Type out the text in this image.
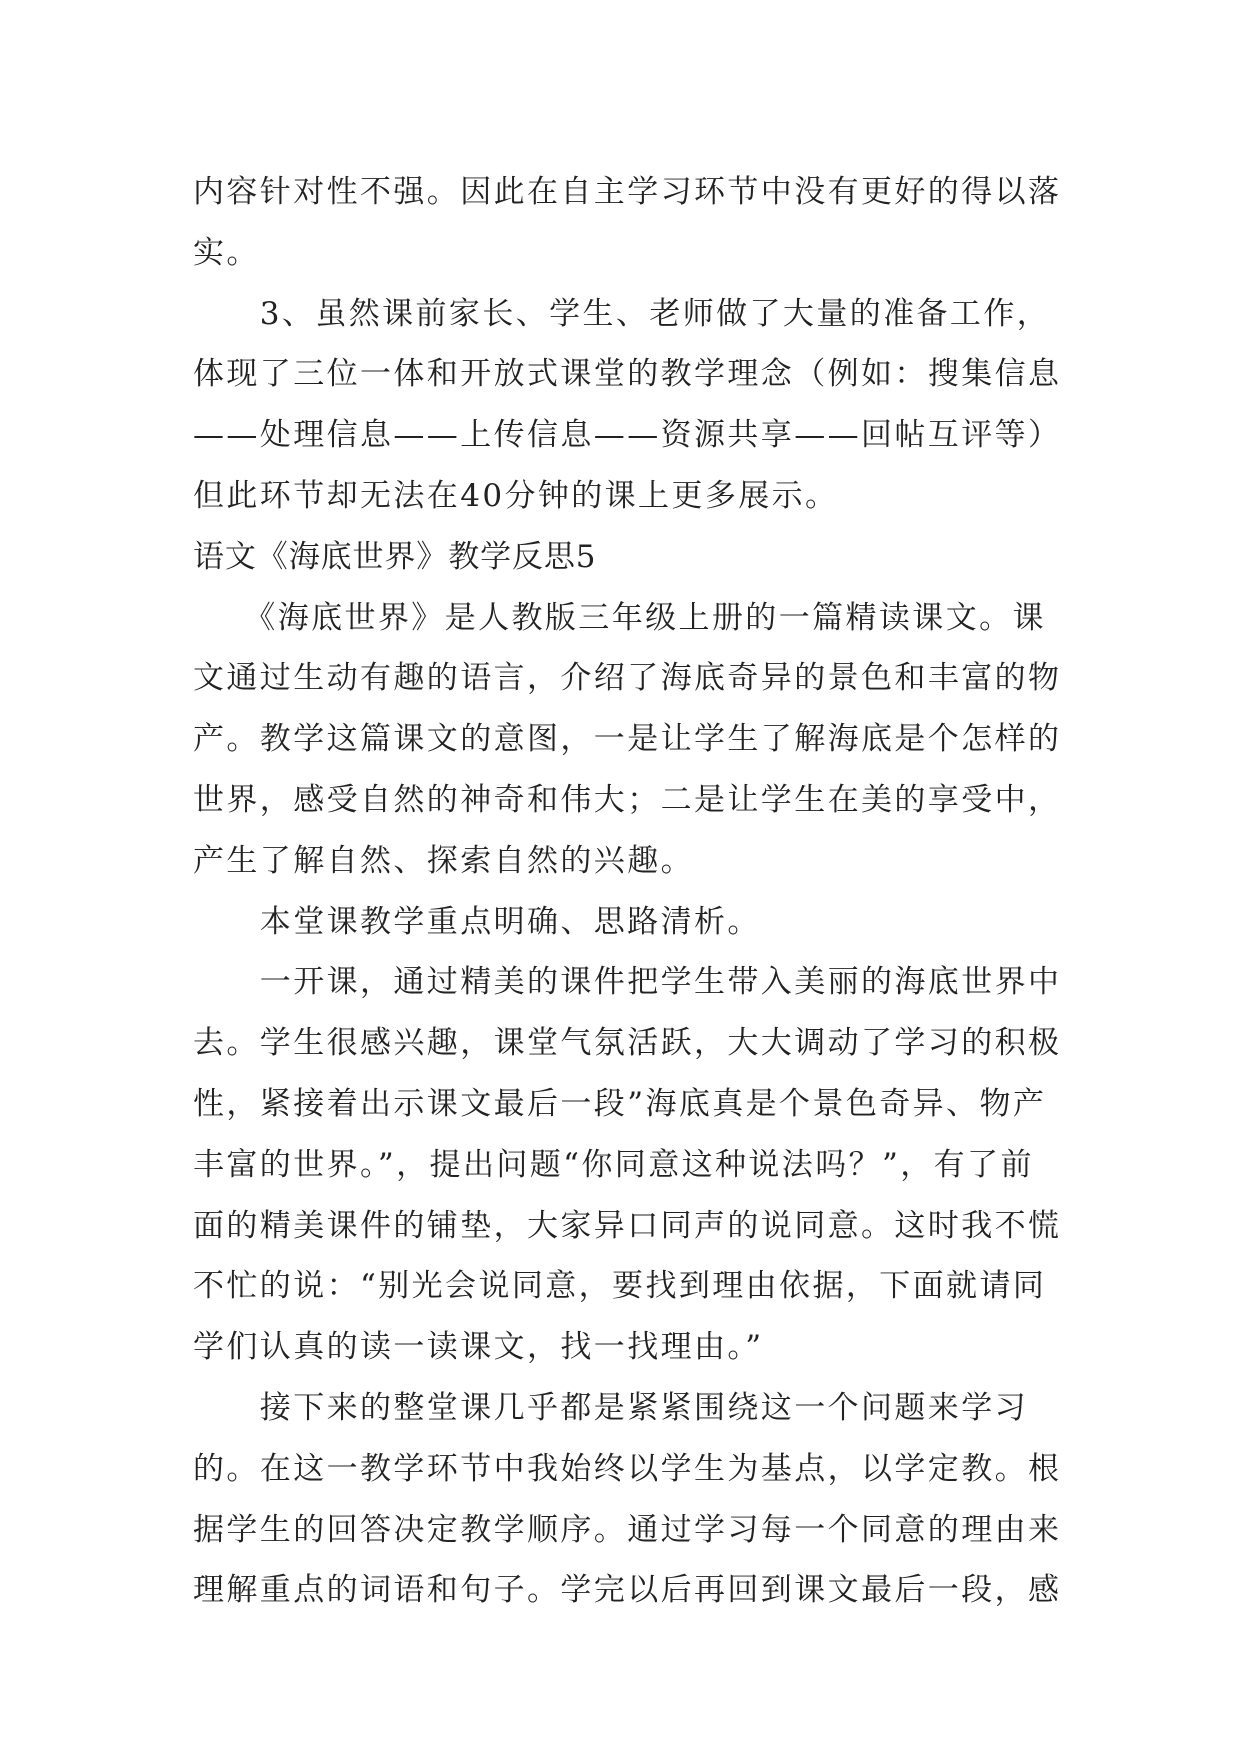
内容针对性不强。因此在自主学习环节中没有更好的得以落
实。

　　3、虽然课前家长、学生、老师做了大量的准备工作，
体现了三位一体和开放式课堂的教学理念（例如：搜集信息
——处理信息——上传信息——资源共享——回帖互评等）
但此环节却无法在40分钟的课上更多展示。

语文《海底世界》教学反思5

　　《海底世界》是人教版三年级上册的一篇精读课文。课
文通过生动有趣的语言，介绍了海底奇异的景色和丰富的物
产。教学这篇课文的意图，一是让学生了解海底是个怎样的
世界，感受自然的神奇和伟大；二是让学生在美的享受中，
产生了解自然、探索自然的兴趣。

　　本堂课教学重点明确、思路清析。

　　一开课，通过精美的课件把学生带入美丽的海底世界中
去。学生很感兴趣，课堂气氛活跃，大大调动了学习的积极
性，紧接着出示课文最后一段”海底真是个景色奇异、物产
丰富的世界。”，提出问题“你同意这种说法吗？”，有了前
面的精美课件的铺垫，大家异口同声的说同意。这时我不慌
不忙的说：“别光会说同意，要找到理由依据，下面就请同
学们认真的读一读课文，找一找理由。”

　　接下来的整堂课几乎都是紧紧围绕这一个问题来学习
的。在这一教学环节中我始终以学生为基点，以学定教。根
据学生的回答决定教学顺序。通过学习每一个同意的理由来
理解重点的词语和句子。学完以后再回到课文最后一段，感
